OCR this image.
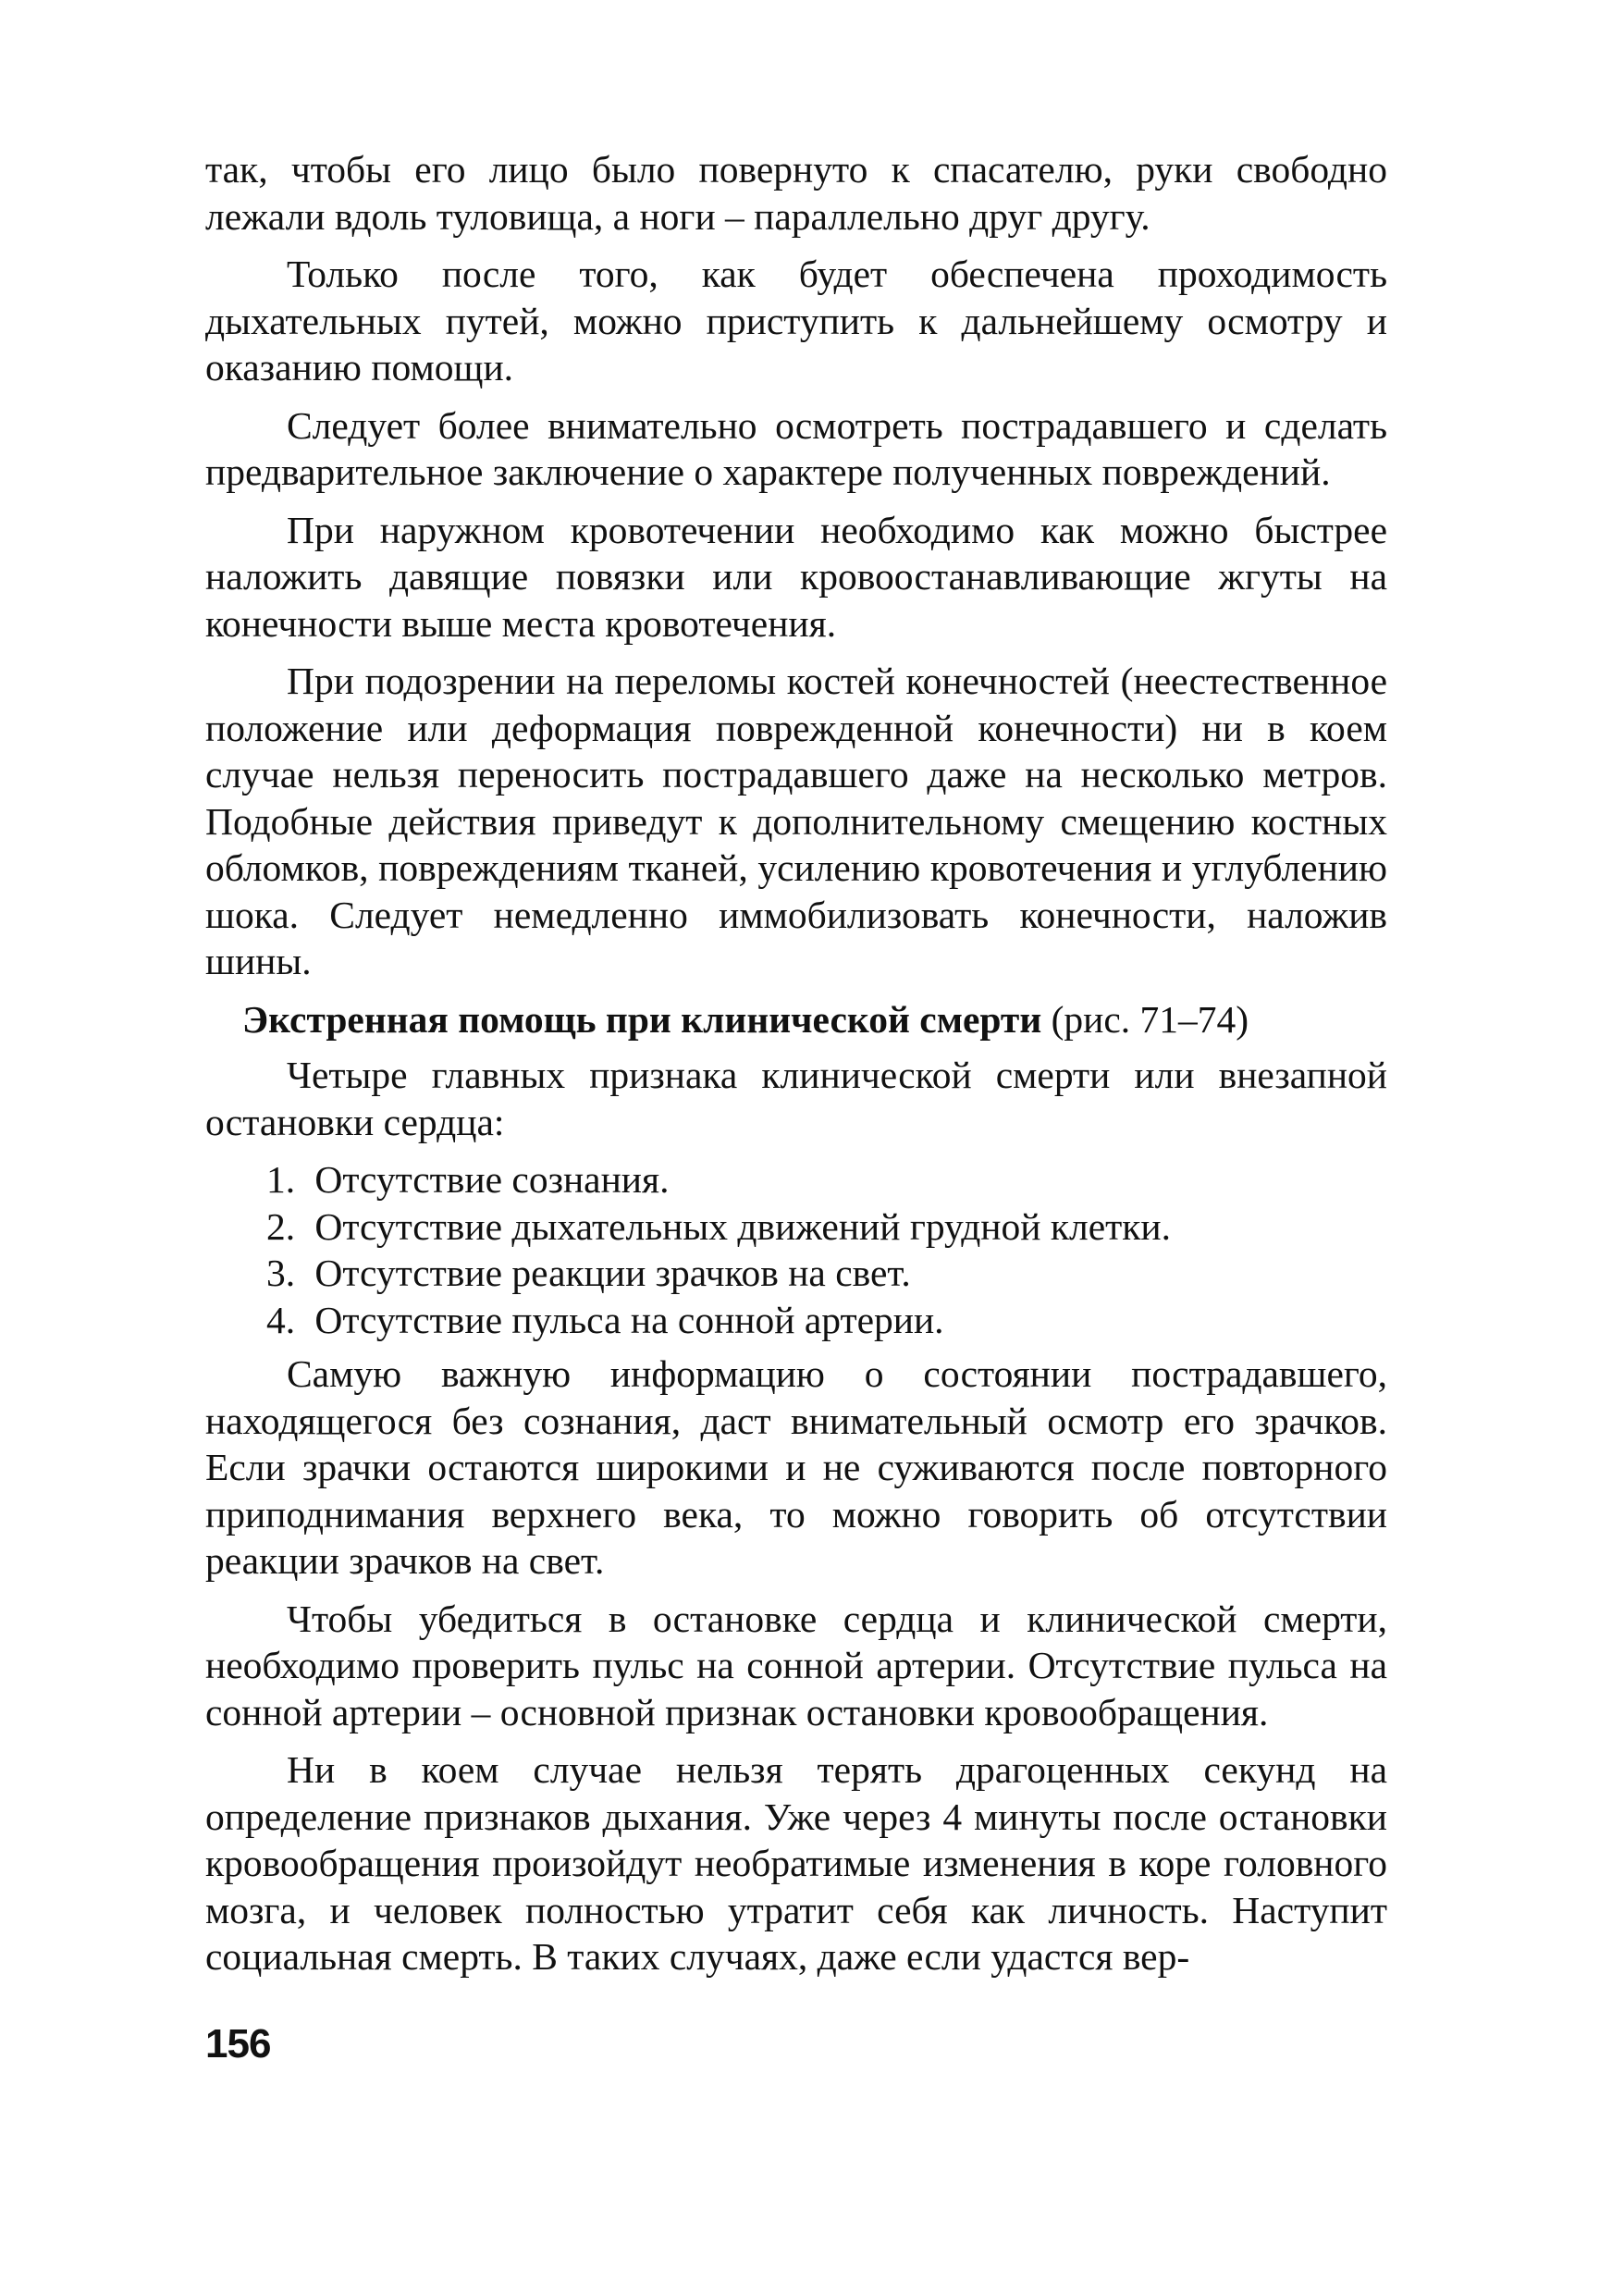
так, чтобы его лицо было повернуто к спасателю, руки свободно лежали вдоль туловища, а ноги – параллельно друг другу.

Только после того, как будет обеспечена проходимость дыхательных путей, можно приступить к дальнейшему осмотру и оказанию помощи.

Следует более внимательно осмотреть пострадавшего и сделать предварительное заключение о характере полученных повреждений.

При наружном кровотечении необходимо как можно быстрее наложить давящие повязки или кровоостанавливающие жгуты на конечности выше места кровотечения.

При подозрении на переломы костей конечностей (неестественное положение или деформация поврежденной конечности) ни в коем случае нельзя переносить пострадавшего даже на несколько метров. Подобные действия приведут к дополнительному смещению костных обломков, повреждениям тканей, усилению кровотечения и углублению шока. Следует немедленно иммобилизовать конечности, наложив шины.

Экстренная помощь при клинической смерти (рис. 71–74)

Четыре главных признака клинической смерти или внезапной остановки сердца:

1. Отсутствие сознания.
2. Отсутствие дыхательных движений грудной клетки.
3. Отсутствие реакции зрачков на свет.
4. Отсутствие пульса на сонной артерии.

Самую важную информацию о состоянии пострадавшего, находящегося без сознания, даст внимательный осмотр его зрачков. Если зрачки остаются широкими и не суживаются после повторного приподнимания верхнего века, то можно говорить об отсутствии реакции зрачков на свет.

Чтобы убедиться в остановке сердца и клинической смерти, необходимо проверить пульс на сонной артерии. Отсутствие пульса на сонной артерии – основной признак остановки кровообращения.

Ни в коем случае нельзя терять драгоценных секунд на определение признаков дыхания. Уже через 4 минуты после остановки кровообращения произойдут необратимые изменения в коре головного мозга, и человек полностью утратит себя как личность. Наступит социальная смерть. В таких случаях, даже если удастся вер-

156
